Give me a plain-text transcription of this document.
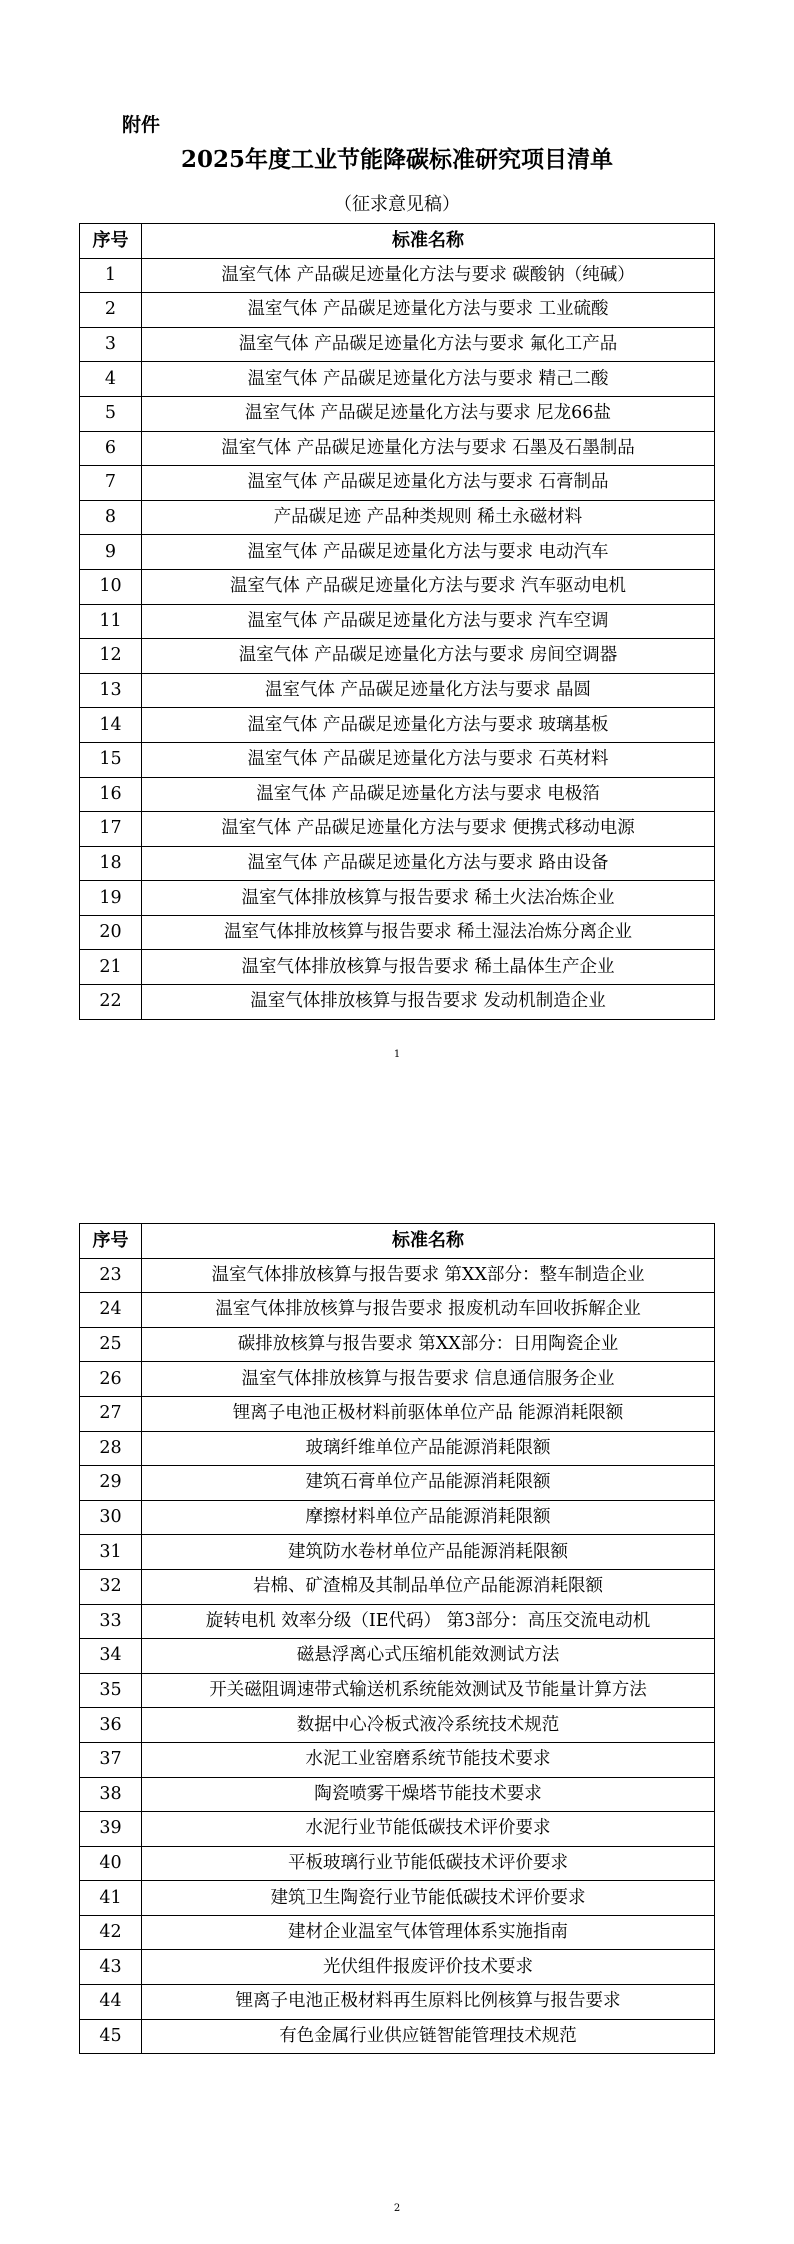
附件

2025年度工业节能降碳标准研究项目清单

（征求意见稿）

序号	标准名称
1	温室气体 产品碳足迹量化方法与要求 碳酸钠（纯碱）
2	温室气体 产品碳足迹量化方法与要求 工业硫酸
3	温室气体 产品碳足迹量化方法与要求 氟化工产品
4	温室气体 产品碳足迹量化方法与要求 精己二酸
5	温室气体 产品碳足迹量化方法与要求 尼龙66盐
6	温室气体 产品碳足迹量化方法与要求 石墨及石墨制品
7	温室气体 产品碳足迹量化方法与要求 石膏制品
8	产品碳足迹 产品种类规则 稀土永磁材料
9	温室气体 产品碳足迹量化方法与要求 电动汽车
10	温室气体 产品碳足迹量化方法与要求 汽车驱动电机
11	温室气体 产品碳足迹量化方法与要求 汽车空调
12	温室气体 产品碳足迹量化方法与要求 房间空调器
13	温室气体 产品碳足迹量化方法与要求 晶圆
14	温室气体 产品碳足迹量化方法与要求 玻璃基板
15	温室气体 产品碳足迹量化方法与要求 石英材料
16	温室气体 产品碳足迹量化方法与要求 电极箔
17	温室气体 产品碳足迹量化方法与要求 便携式移动电源
18	温室气体 产品碳足迹量化方法与要求 路由设备
19	温室气体排放核算与报告要求 稀土火法冶炼企业
20	温室气体排放核算与报告要求 稀土湿法冶炼分离企业
21	温室气体排放核算与报告要求 稀土晶体生产企业
22	温室气体排放核算与报告要求 发动机制造企业

1

序号	标准名称
23	温室气体排放核算与报告要求 第XX部分：整车制造企业
24	温室气体排放核算与报告要求 报废机动车回收拆解企业
25	碳排放核算与报告要求 第XX部分：日用陶瓷企业
26	温室气体排放核算与报告要求 信息通信服务企业
27	锂离子电池正极材料前驱体单位产品 能源消耗限额
28	玻璃纤维单位产品能源消耗限额
29	建筑石膏单位产品能源消耗限额
30	摩擦材料单位产品能源消耗限额
31	建筑防水卷材单位产品能源消耗限额
32	岩棉、矿渣棉及其制品单位产品能源消耗限额
33	旋转电机 效率分级（IE代码） 第3部分：高压交流电动机
34	磁悬浮离心式压缩机能效测试方法
35	开关磁阻调速带式输送机系统能效测试及节能量计算方法
36	数据中心冷板式液冷系统技术规范
37	水泥工业窑磨系统节能技术要求
38	陶瓷喷雾干燥塔节能技术要求
39	水泥行业节能低碳技术评价要求
40	平板玻璃行业节能低碳技术评价要求
41	建筑卫生陶瓷行业节能低碳技术评价要求
42	建材企业温室气体管理体系实施指南
43	光伏组件报废评价技术要求
44	锂离子电池正极材料再生原料比例核算与报告要求
45	有色金属行业供应链智能管理技术规范

2
